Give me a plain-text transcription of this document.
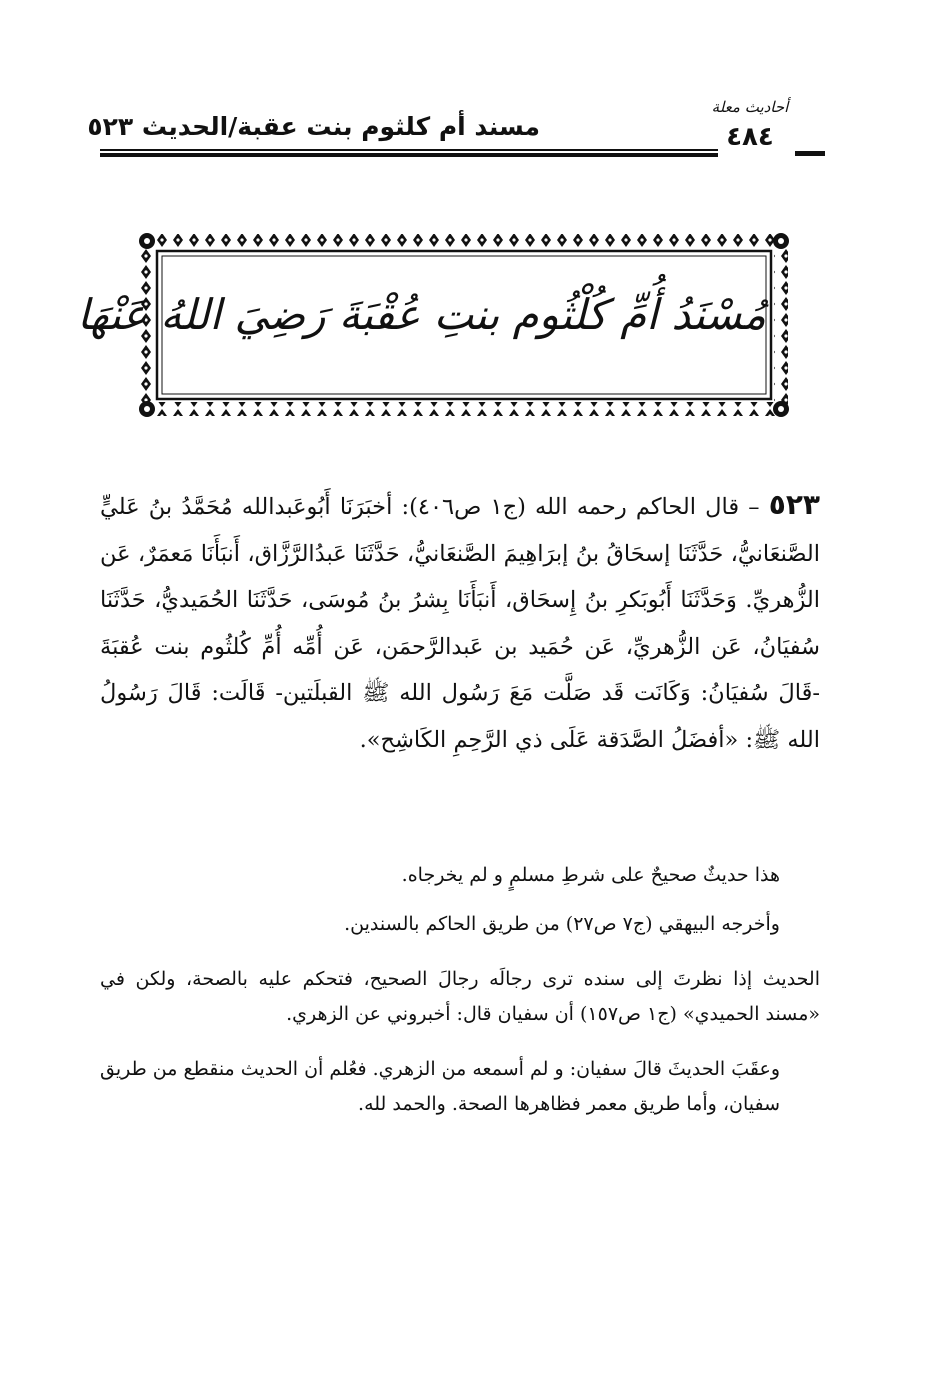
مسند أم كلثوم بنت عقبة/الحديث ٥٢٣
أحاديث معلة
٤٨٤
مُسْنَدُ أُمِّ كُلْثُوم بنتِ عُقْبَةَ رَضِيَ اللهُ عَنْهَا

٥٢٣ – قال الحاكم رحمه الله (ج١ ص٤٠٦): أخبَرَنَا أَبُوعَبدالله مُحَمَّدُ بنُ عَليٍّ الصَّنعَانيُّ، حَدَّثَنَا إسحَاقُ بنُ إبرَاهِيمَ الصَّنعَانيُّ، حَدَّثَنَا عَبدُالرَّزَّاق، أَنبَأَنَا مَعمَرٌ، عَن الزُّهريِّ. وَحَدَّثَنَا أَبُوبَكرِ بنُ إِسحَاق، أَنبَأَنَا بِشرُ بنُ مُوسَى، حَدَّثَنَا الحُمَيديُّ، حَدَّثَنَا سُفيَانُ، عَن الزُّهريِّ، عَن حُمَيد بن عَبدالرَّحمَن، عَن أُمِّه أُمِّ كُلثُوم بنت عُقبَةَ -قَالَ سُفيَانُ: وَكَانَت قَد صَلَّت مَعَ رَسُول الله ﷺ القبلَتين- قَالَت: قَالَ رَسُولُ الله ﷺ: «أفضَلُ الصَّدَقة عَلَى ذي الرَّحِمِ الكَاشِح».

هذا حديثٌ صحيحٌ على شرطِ مسلمٍ و لم يخرجاه.

وأخرجه البيهقي (ج٧ ص٢٧) من طريق الحاكم بالسندين.

الحديث إذا نظرتَ إلى سنده ترى رجالَه رجالَ الصحيح، فتحكم عليه بالصحة، ولكن في «مسند الحميدي» (ج١ ص١٥٧) أن سفيان قال: أخبروني عن الزهري.

وعقَبَ الحديثَ قالَ سفيان: و لم أسمعه من الزهري. فعُلم أن الحديث منقطع من طريق سفيان، وأما طريق معمر فظاهرها الصحة. والحمد لله.
